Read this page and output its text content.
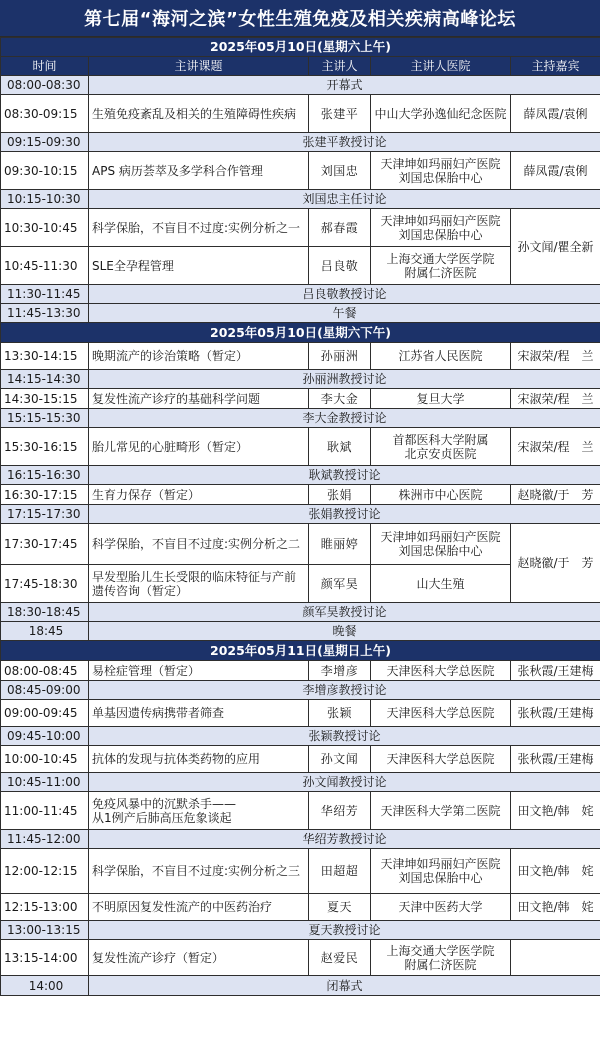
第七届“海河之滨”女性生殖免疫及相关疾病高峰论坛
2025年05月10日(星期六上午)				
时间	主讲课题	主讲人	主讲人医院	主持嘉宾
08:00-08:30	开幕式			
08:30-09:15	生殖免疫紊乱及相关的生殖障碍性疾病	张建平	中山大学孙逸仙纪念医院	薛凤霞/袁俐
09:15-09:30	张建平教授讨论			
09:30-10:15	APS 病历荟萃及多学科合作管理	刘国忠	天津坤如玛丽妇产医院
刘国忠保胎中心	薛凤霞/袁俐
10:15-10:30	刘国忠主任讨论			
10:30-10:45	科学保胎，不盲目不过度:实例分析之一	郝春霞	天津坤如玛丽妇产医院
刘国忠保胎中心	孙文闻/瞿全新
10:45-11:30	SLE全孕程管理	吕良敬	上海交通大学医学院
附属仁济医院	

11:30-11:45	吕良敬教授讨论			
11:45-13:30	午餐			
2025年05月10日(星期六下午)				
13:30-14:15	晚期流产的诊治策略（暂定）	孙丽洲	江苏省人民医院	宋淑荣/程　兰
14:15-14:30	孙丽洲教授讨论			
14:30-15:15	复发性流产诊疗的基础科学问题	李大金	复旦大学	宋淑荣/程　兰
15:15-15:30	李大金教授讨论			
15:30-16:15	胎儿常见的心脏畸形（暂定）	耿斌	首都医科大学附属
北京安贞医院	宋淑荣/程　兰
16:15-16:30	耿斌教授讨论			
16:30-17:15	生育力保存（暂定）	张娟	株洲市中心医院	赵晓徽/于　芳
17:15-17:30	张娟教授讨论			
17:30-17:45	科学保胎，不盲目不过度:实例分析之二	睢丽婷	天津坤如玛丽妇产医院
刘国忠保胎中心	赵晓徽/于　芳
17:45-18:30	早发型胎儿生长受限的临床特征与产前遗传咨询（暂定）	颜军昊	山大生殖	
18:30-18:45	颜军昊教授讨论			
18:45	晚餐			
2025年05月11日(星期日上午)				
08:00-08:45	易栓症管理（暂定）	李增彦	天津医科大学总医院	张秋霞/王建梅
08:45-09:00	李增彦教授讨论			
09:00-09:45	单基因遗传病携带者筛查	张颖	天津医科大学总医院	张秋霞/王建梅
09:45-10:00	张颖教授讨论			
10:00-10:45	抗体的发现与抗体类药物的应用	孙文闻	天津医科大学总医院	张秋霞/王建梅
10:45-11:00	孙文闻教授讨论			
11:00-11:45	免疫风暴中的沉默杀手——
从1例产后肺高压危象谈起	华绍芳	天津医科大学第二医院	田文艳/韩　姹
11:45-12:00	华绍芳教授讨论			
12:00-12:15	科学保胎，不盲目不过度:实例分析之三	田超超	天津坤如玛丽妇产医院
刘国忠保胎中心	田文艳/韩　姹
12:15-13:00	不明原因复发性流产的中医药治疗	夏天	天津中医药大学	田文艳/韩　姹
13:00-13:15	夏天教授讨论			
13:15-14:00	复发性流产诊疗（暂定）	赵爱民	上海交通大学医学院
附属仁济医院	

14:00	闭幕式			
